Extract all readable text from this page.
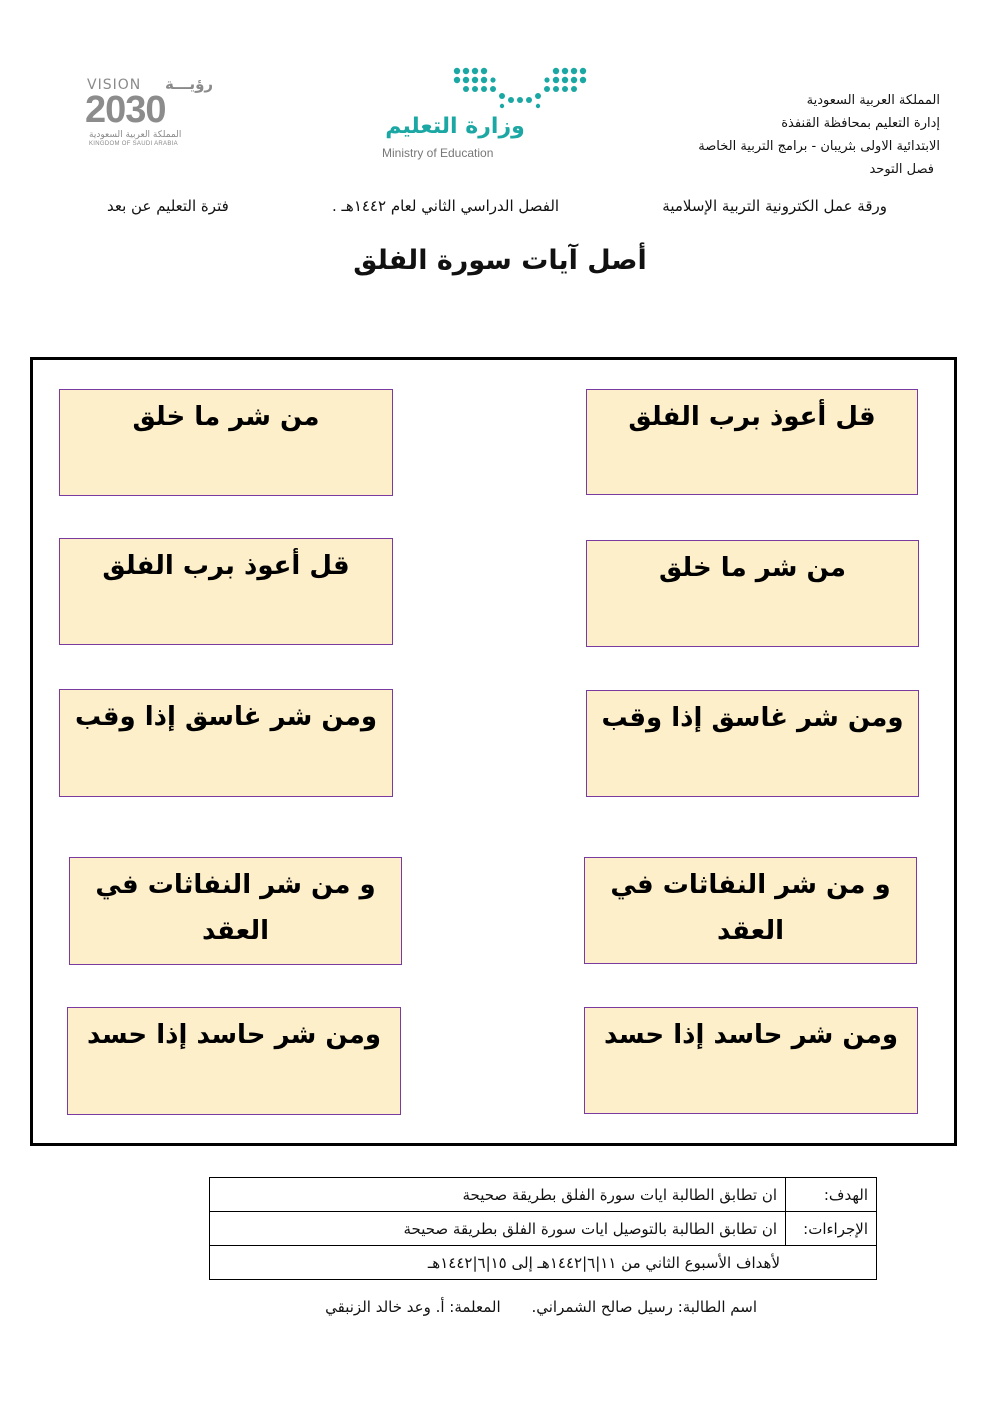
المملكة العربية السعودية
إدارة التعليم بمحافظة القنفذة
الابتدائية الاولى بثريبان - برامج التربية الخاصة
فصل التوحد
وزارة التعليم
Ministry of Education
VISION رؤيـــة
2030
المملكة العربية السعودية
KINGDOM OF SAUDI ARABIA
ورقة عمل الكترونية التربية الإسلامية
الفصل الدراسي الثاني لعام ١٤٤٢هـ .
فترة التعليم عن بعد
أصل آيات سورة الفلق
قل أعوذ برب الفلق
من شر ما خلق
ومن شر غاسق إذا وقب
و من شر النفاثات في العقد
ومن شر حاسد إذا حسد
من شر ما خلق
قل أعوذ برب الفلق
ومن شر غاسق إذا وقب
و من شر النفاثات في العقد
ومن شر حاسد إذا حسد
الهدف:	ان تطابق الطالبة ايات سورة الفلق بطريقة صحيحة
الإجراءات:	ان تطابق الطالبة بالتوصيل ايات سورة الفلق بطريقة صحيحة
لأهداف الأسبوع الثاني من ١١|٦|١٤٤٢هـ إلى ١٥|٦|١٤٤٢هـ	
اسم الطالبة: رسيل صالح الشمراني. المعلمة: أ. وعد خالد الزنبقي
